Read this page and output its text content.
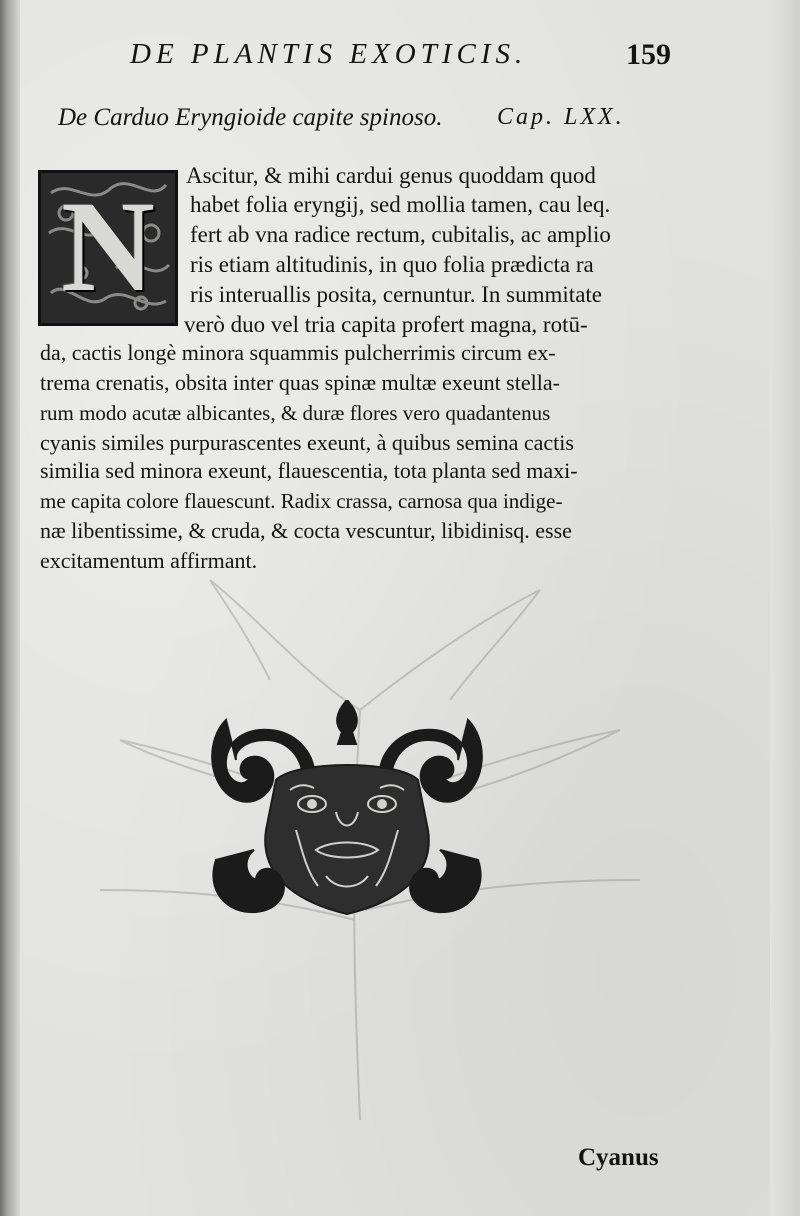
DE PLANTIS EXOTICIS.	159
De Carduo Eryngioide capite spinoso. Cap. LXX.
N	Ascitur, & mihi cardui genus quoddam quod
habet folia eryngij, sed mollia tamen, cau leq.
fert ab vna radice rectum, cubitalis, ac amplio
ris etiam altitudinis, in quo folia prædicta ra
ris interuallis posita, cernuntur. In summitate
verò duo vel tria capita profert magna, rotū-
da, cactis longè minora squammis pulcherrimis circum ex-
trema crenatis, obsita inter quas spinæ multæ exeunt stella-
rum modo acutæ albicantes, & duræ flores vero quadantenus
cyanis similes purpurascentes exeunt, à quibus semina cactis
similia sed minora exeunt, flauescentia, tota planta sed maxi-
me capita colore flauescunt. Radix crassa, carnosa qua indige-
næ libentissime, & cruda, & cocta vescuntur, libidinisq. esse
excitamentum affirmant.
Cyanus
